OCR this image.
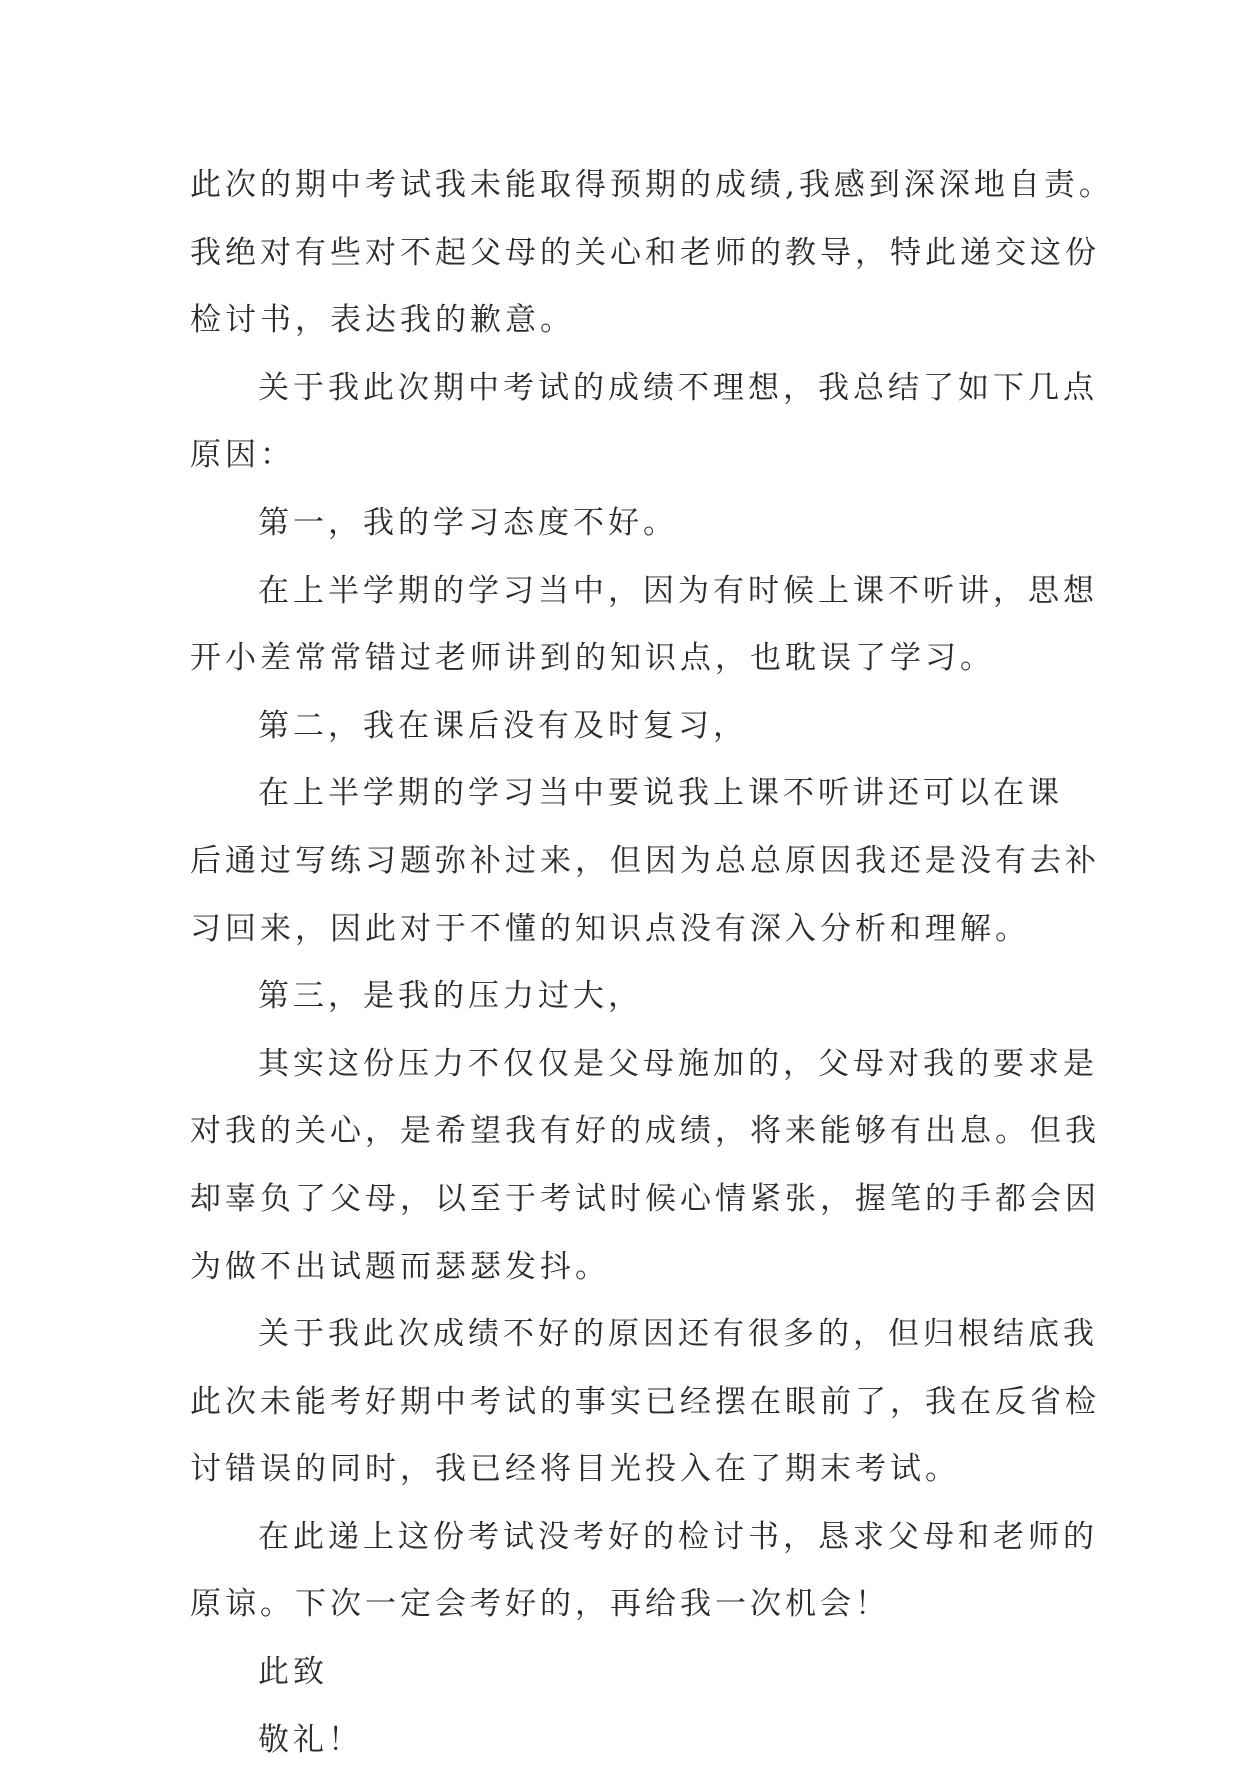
此次的期中考试我未能取得预期的成绩,我感到深深地自责。
我绝对有些对不起父母的关心和老师的教导，特此递交这份
检讨书，表达我的歉意。
关于我此次期中考试的成绩不理想，我总结了如下几点
原因：
第一，我的学习态度不好。
在上半学期的学习当中，因为有时候上课不听讲，思想
开小差常常错过老师讲到的知识点，也耽误了学习。
第二，我在课后没有及时复习，
在上半学期的学习当中要说我上课不听讲还可以在课
后通过写练习题弥补过来，但因为总总原因我还是没有去补
习回来，因此对于不懂的知识点没有深入分析和理解。
第三，是我的压力过大，
其实这份压力不仅仅是父母施加的，父母对我的要求是
对我的关心，是希望我有好的成绩，将来能够有出息。但我
却辜负了父母，以至于考试时候心情紧张，握笔的手都会因
为做不出试题而瑟瑟发抖。
关于我此次成绩不好的原因还有很多的，但归根结底我
此次未能考好期中考试的事实已经摆在眼前了，我在反省检
讨错误的同时，我已经将目光投入在了期末考试。
在此递上这份考试没考好的检讨书，恳求父母和老师的
原谅。下次一定会考好的，再给我一次机会！
此致
敬礼！
